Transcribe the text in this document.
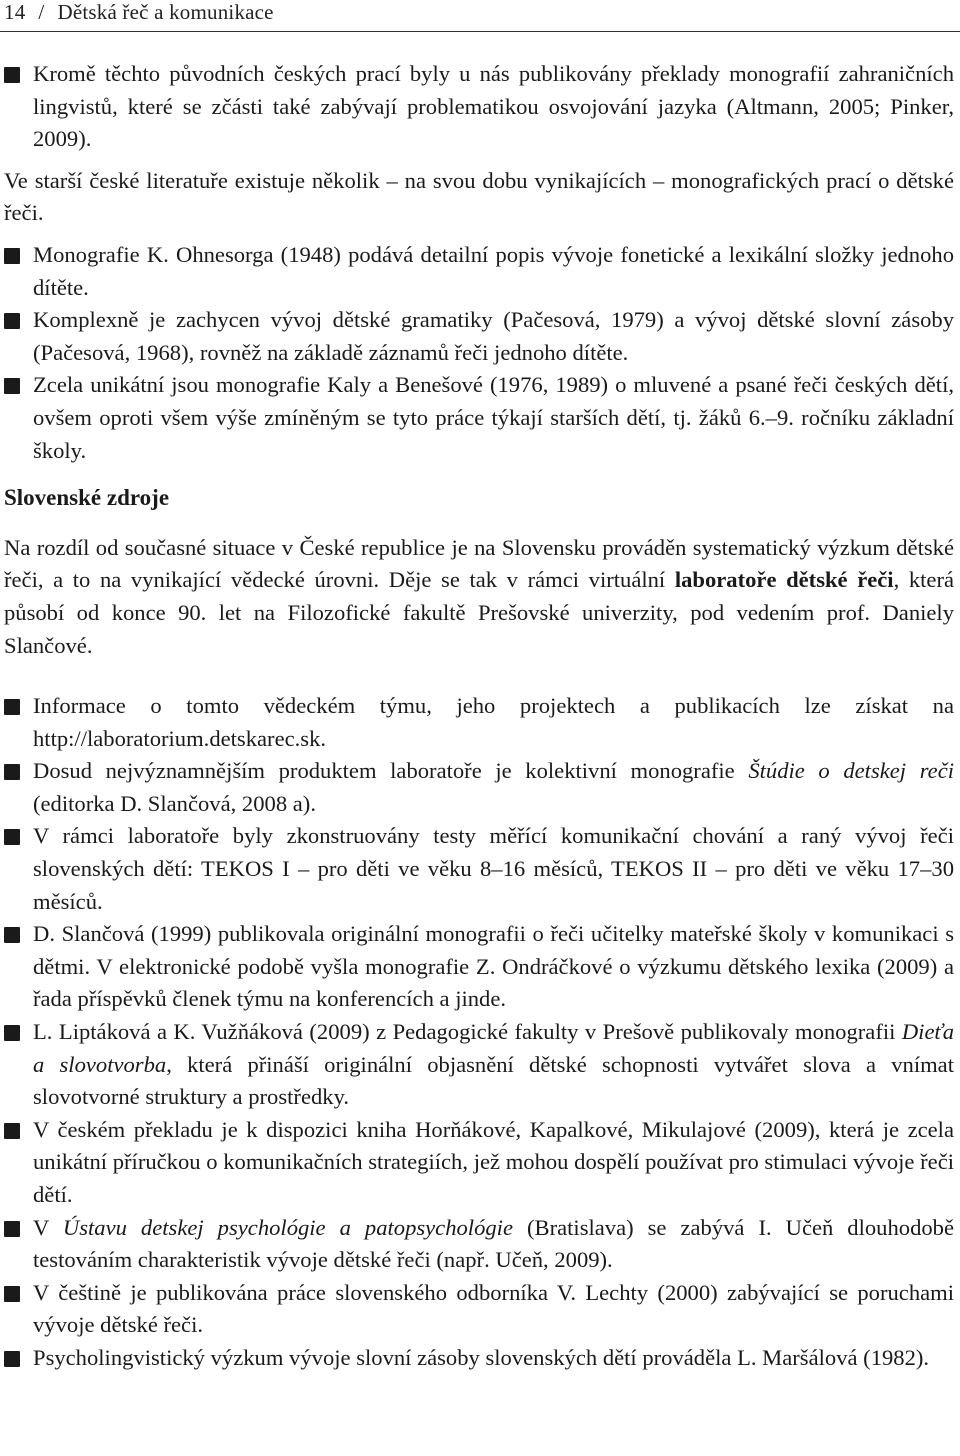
14 / Dětská řeč a komunikace
Kromě těchto původních českých prací byly u nás publikovány překlady monografií zahraničních lingvistů, které se zčásti také zabývají problematikou osvojování jazyka (Altmann, 2005; Pinker, 2009).
Ve starší české literatuře existuje několik – na svou dobu vynikajících – monografických prací o dětské řeči.
Monografie K. Ohnesorga (1948) podává detailní popis vývoje fonetické a lexikální složky jednoho dítěte.
Komplexně je zachycen vývoj dětské gramatiky (Pačesová, 1979) a vývoj dětské slovní zásoby (Pačesová, 1968), rovněž na základě záznamů řeči jednoho dítěte.
Zcela unikátní jsou monografie Kaly a Benešové (1976, 1989) o mluvené a psané řeči českých dětí, ovšem oproti všem výše zmíněným se tyto práce týkají starších dětí, tj. žáků 6.–9. ročníku základní školy.
Slovenské zdroje
Na rozdíl od současné situace v České republice je na Slovensku prováděn systematický výzkum dětské řeči, a to na vynikající vědecké úrovni. Děje se tak v rámci virtuální laboratoře dětské řeči, která působí od konce 90. let na Filozofické fakultě Prešovské univerzity, pod vedením prof. Daniely Slančové.
Informace o tomto vědeckém týmu, jeho projektech a publikacích lze získat na http://laboratorium.detskarec.sk.
Dosud nejvýznamnějším produktem laboratoře je kolektivní monografie Štúdie o detskej reči (editorka D. Slančová, 2008 a).
V rámci laboratoře byly zkonstruovány testy měřící komunikační chování a raný vývoj řeči slovenských dětí: TEKOS I – pro děti ve věku 8–16 měsíců, TEKOS II – pro děti ve věku 17–30 měsíců.
D. Slančová (1999) publikovala originální monografii o řeči učitelky mateřské školy v komunikaci s dětmi. V elektronické podobě vyšla monografie Z. Ondráčkové o výzkumu dětského lexika (2009) a řada příspěvků členek týmu na konferencích a jinde.
L. Liptáková a K. Vužňáková (2009) z Pedagogické fakulty v Prešově publikovaly monografii Dieťa a slovotvorba, která přináší originální objasnění dětské schopnosti vytvářet slova a vnímat slovotvorné struktury a prostředky.
V českém překladu je k dispozici kniha Horňákové, Kapalkové, Mikulajové (2009), která je zcela unikátní příručkou o komunikačních strategiích, jež mohou dospělí používat pro stimulaci vývoje řeči dětí.
V Ústavu detskej psychológie a patopsychológie (Bratislava) se zabývá I. Učeň dlouhodobě testováním charakteristik vývoje dětské řeči (např. Učeň, 2009).
V češtině je publikována práce slovenského odborníka V. Lechty (2000) zabývající se poruchami vývoje dětské řeči.
Psycholingvistický výzkum vývoje slovní zásoby slovenských dětí prováděla L. Maršálová (1982).
